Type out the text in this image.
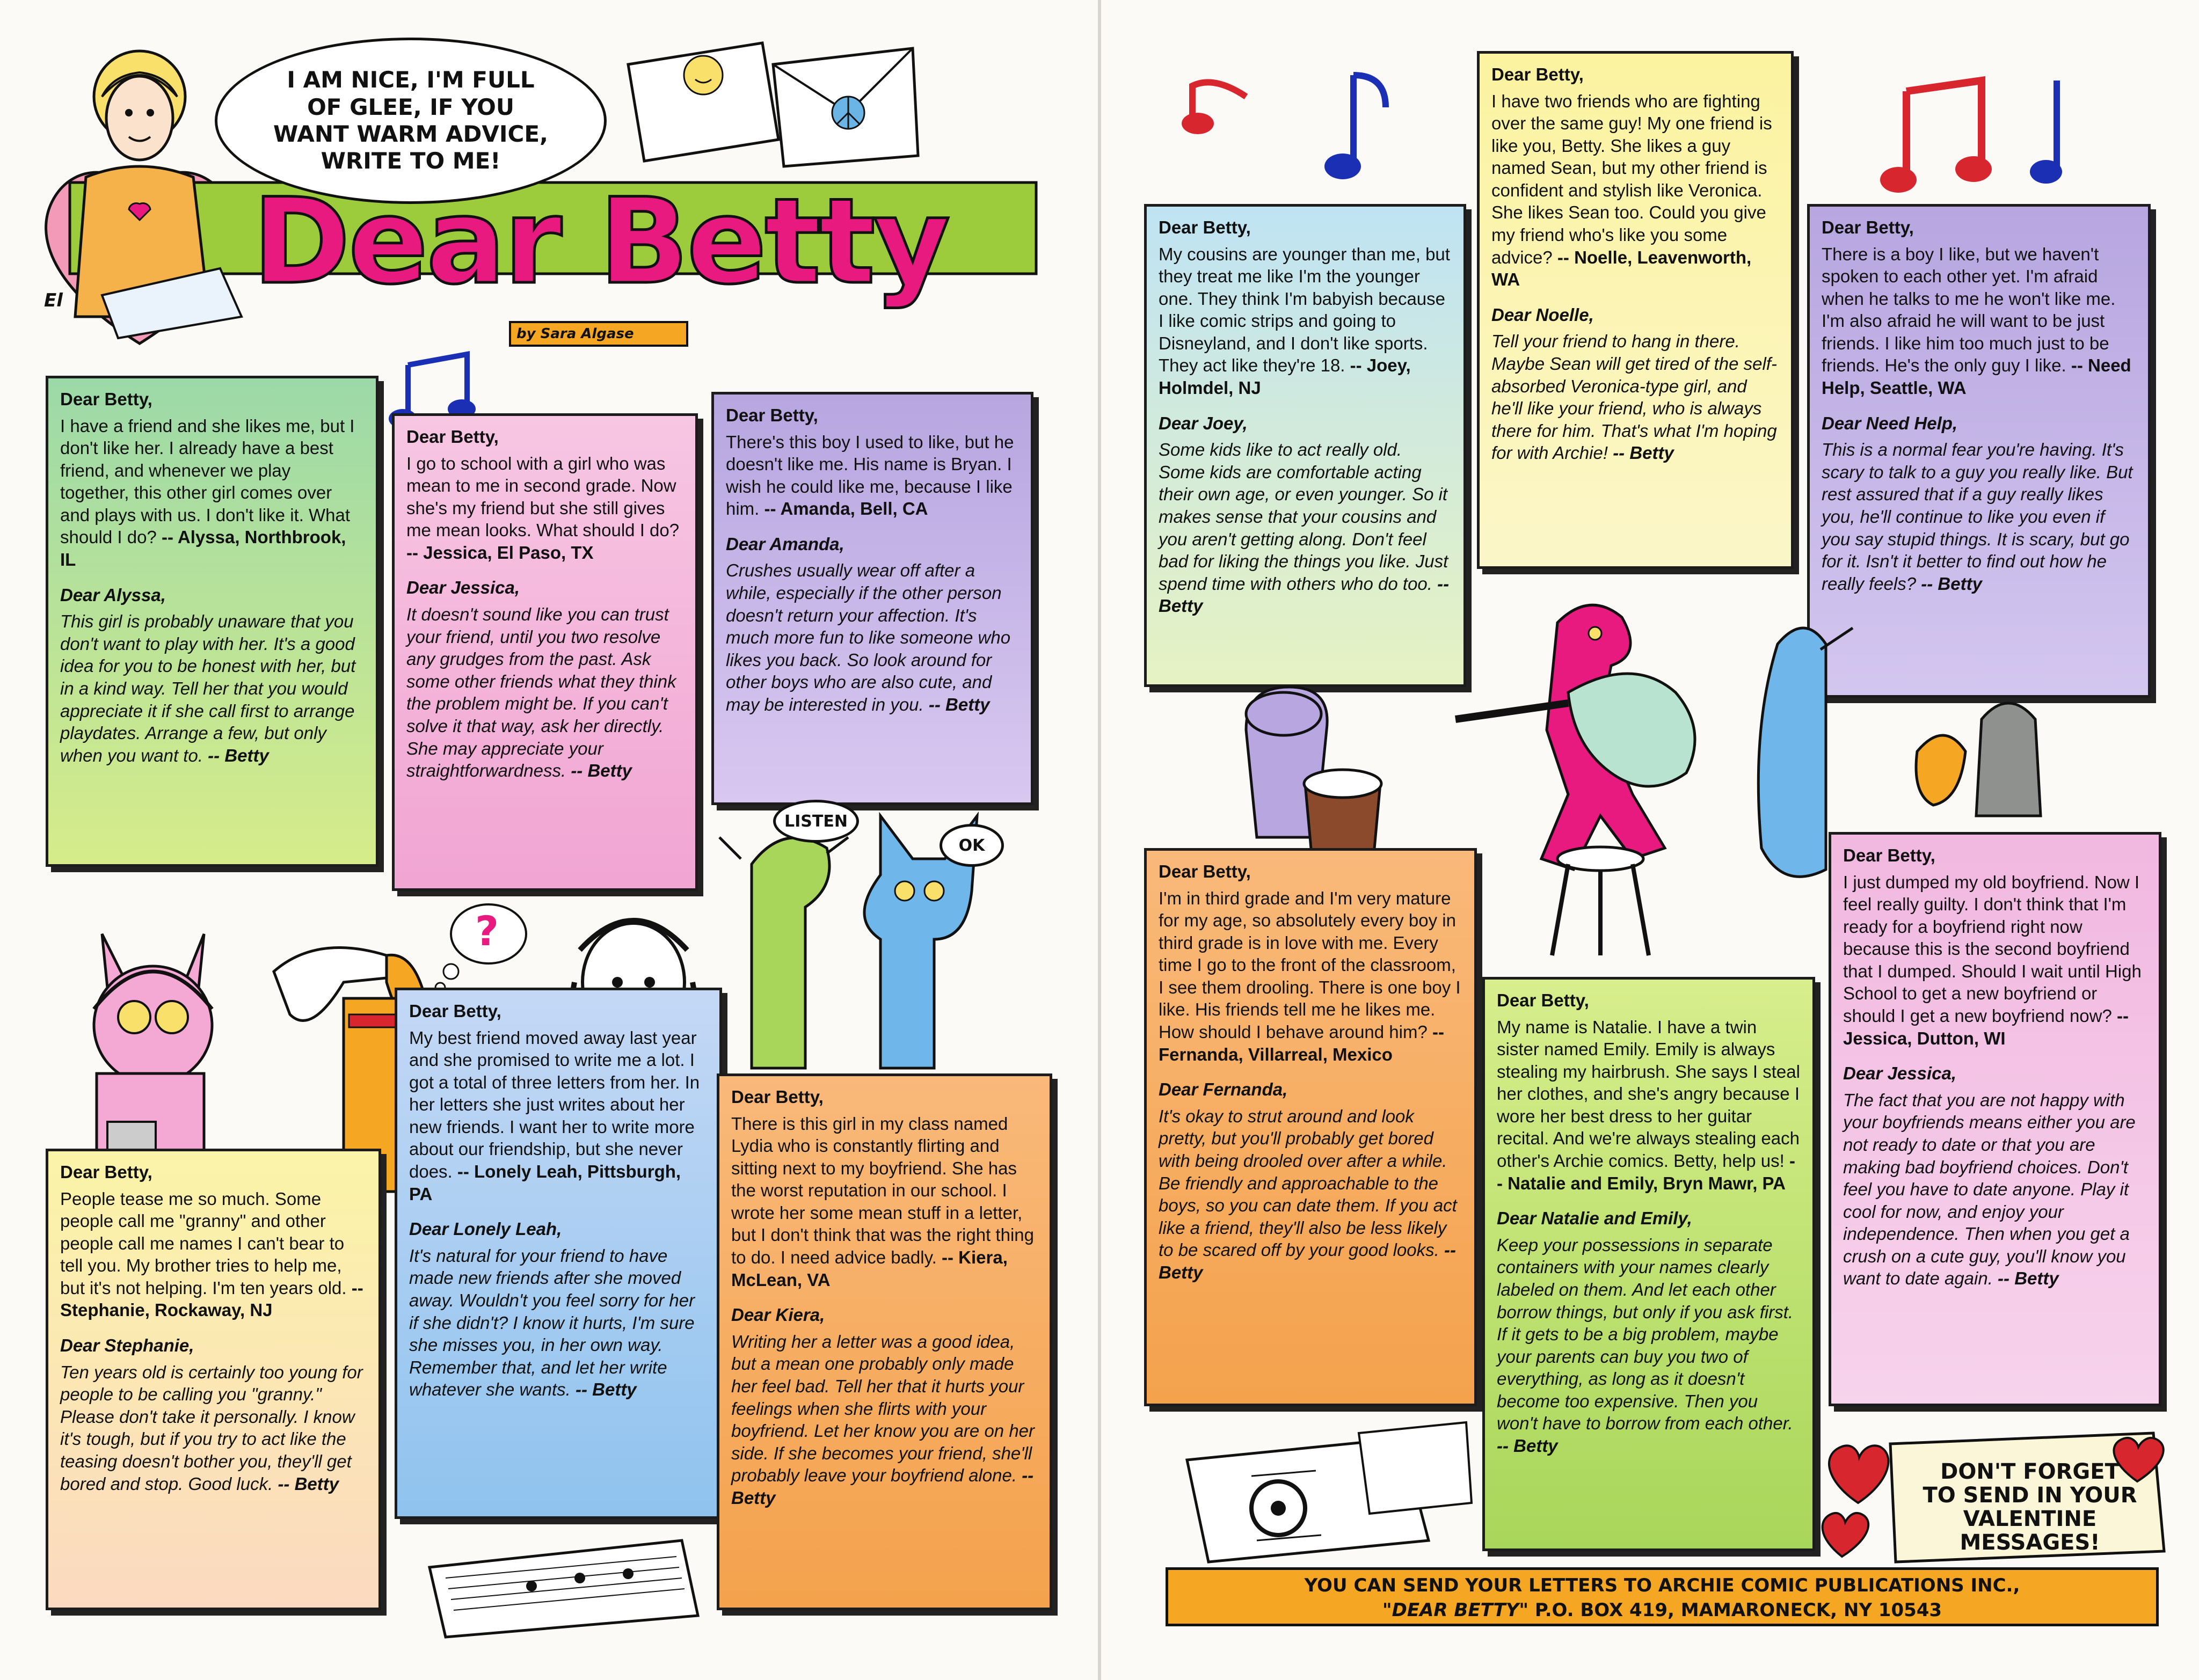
El
I AM NICE, I'M FULL OF GLEE, IF YOU WANT WARM ADVICE, WRITE TO ME!
Dear Betty
by Sara Algase
Dear Betty,
I have a friend and she likes me, but I don't like her. I already have a best friend, and whenever we play together, this other girl comes over and plays with us. I don't like it. What should I do? -- Alyssa, Northbrook, IL
Dear Alyssa,
This girl is probably unaware that you don't want to play with her. It's a good idea for you to be honest with her, but in a kind way. Tell her that you would appreciate it if she call first to arrange playdates. Arrange a few, but only when you want to. -- Betty
Dear Betty,
I go to school with a girl who was mean to me in second grade. Now she's my friend but she still gives me mean looks. What should I do? -- Jessica, El Paso, TX
Dear Jessica,
It doesn't sound like you can trust your friend, until you two resolve any grudges from the past. Ask some other friends what they think the problem might be. If you can't solve it that way, ask her directly. She may appreciate your straightforwardness. -- Betty
Dear Betty,
There's this boy I used to like, but he doesn't like me. His name is Bryan. I wish he could like me, because I like him. -- Amanda, Bell, CA
Dear Amanda,
Crushes usually wear off after a while, especially if the other person doesn't return your affection. It's much more fun to like someone who likes you back. So look around for other boys who are also cute, and may be interested in you. -- Betty
?
LISTEN
OK
Dear Betty,
People tease me so much. Some people call me "granny" and other people call me names I can't bear to tell you. My brother tries to help me, but it's not helping. I'm ten years old. -- Stephanie, Rockaway, NJ
Dear Stephanie,
Ten years old is certainly too young for people to be calling you "granny." Please don't take it personally. I know it's tough, but if you try to act like the teasing doesn't bother you, they'll get bored and stop. Good luck. -- Betty
Dear Betty,
My best friend moved away last year and she promised to write me a lot. I got a total of three letters from her. In her letters she just writes about her new friends. I want her to write more about our friendship, but she never does. -- Lonely Leah, Pittsburgh, PA
Dear Lonely Leah,
It's natural for your friend to have made new friends after she moved away. Wouldn't you feel sorry for her if she didn't? I know it hurts, I'm sure she misses you, in her own way. Remember that, and let her write whatever she wants. -- Betty
Dear Betty,
There is this girl in my class named Lydia who is constantly flirting and sitting next to my boyfriend. She has the worst reputation in our school. I wrote her some mean stuff in a letter, but I don't think that was the right thing to do. I need advice badly. -- Kiera, McLean, VA
Dear Kiera,
Writing her a letter was a good idea, but a mean one probably only made her feel bad. Tell her that it hurts your feelings when she flirts with your boyfriend. Let her know you are on her side. If she becomes your friend, she'll probably leave your boyfriend alone. -- Betty
Dear Betty,
My cousins are younger than me, but they treat me like I'm the younger one. They think I'm babyish because I like comic strips and going to Disneyland, and I don't like sports. They act like they're 18. -- Joey, Holmdel, NJ
Dear Joey,
Some kids like to act really old. Some kids are comfortable acting their own age, or even younger. So it makes sense that your cousins and you aren't getting along. Don't feel bad for liking the things you like. Just spend time with others who do too. -- Betty
Dear Betty,
I have two friends who are fighting over the same guy! My one friend is like you, Betty. She likes a guy named Sean, but my other friend is confident and stylish like Veronica. She likes Sean too. Could you give my friend who's like you some advice? -- Noelle, Leavenworth, WA
Dear Noelle,
Tell your friend to hang in there. Maybe Sean will get tired of the self-absorbed Veronica-type girl, and he'll like your friend, who is always there for him. That's what I'm hoping for with Archie! -- Betty
Dear Betty,
There is a boy I like, but we haven't spoken to each other yet. I'm afraid when he talks to me he won't like me. I'm also afraid he will want to be just friends. I like him too much just to be friends. He's the only guy I like. -- Need Help, Seattle, WA
Dear Need Help,
This is a normal fear you're having. It's scary to talk to a guy you really like. But rest assured that if a guy really likes you, he'll continue to like you even if you say stupid things. It is scary, but go for it. Isn't it better to find out how he really feels? -- Betty
Dear Betty,
I'm in third grade and I'm very mature for my age, so absolutely every boy in third grade is in love with me. Every time I go to the front of the classroom, I see them drooling. There is one boy I like. His friends tell me he likes me. How should I behave around him? -- Fernanda, Villarreal, Mexico
Dear Fernanda,
It's okay to strut around and look pretty, but you'll probably get bored with being drooled over after a while. Be friendly and approachable to the boys, so you can date them. If you act like a friend, they'll also be less likely to be scared off by your good looks. -- Betty
Dear Betty,
My name is Natalie. I have a twin sister named Emily. Emily is always stealing my hairbrush. She says I steal her clothes, and she's angry because I wore her best dress to her guitar recital. And we're always stealing each other's Archie comics. Betty, help us! -- Natalie and Emily, Bryn Mawr, PA
Dear Natalie and Emily,
Keep your possessions in separate containers with your names clearly labeled on them. And let each other borrow things, but only if you ask first. If it gets to be a big problem, maybe your parents can buy you two of everything, as long as it doesn't become too expensive. Then you won't have to borrow from each other. -- Betty
Dear Betty,
I just dumped my old boyfriend. Now I feel really guilty. I don't think that I'm ready for a boyfriend right now because this is the second boyfriend that I dumped. Should I wait until High School to get a new boyfriend or should I get a new boyfriend now? -- Jessica, Dutton, WI
Dear Jessica,
The fact that you are not happy with your boyfriends means either you are not ready to date or that you are making bad boyfriend choices. Don't feel you have to date anyone. Play it cool for now, and enjoy your independence. Then when you get a crush on a cute guy, you'll know you want to date again. -- Betty
DON'T FORGET TO SEND IN YOUR VALENTINE MESSAGES!
YOU CAN SEND YOUR LETTERS TO ARCHIE COMIC PUBLICATIONS INC.,
"DEAR BETTY" P.O. BOX 419, MAMARONECK, NY 10543
